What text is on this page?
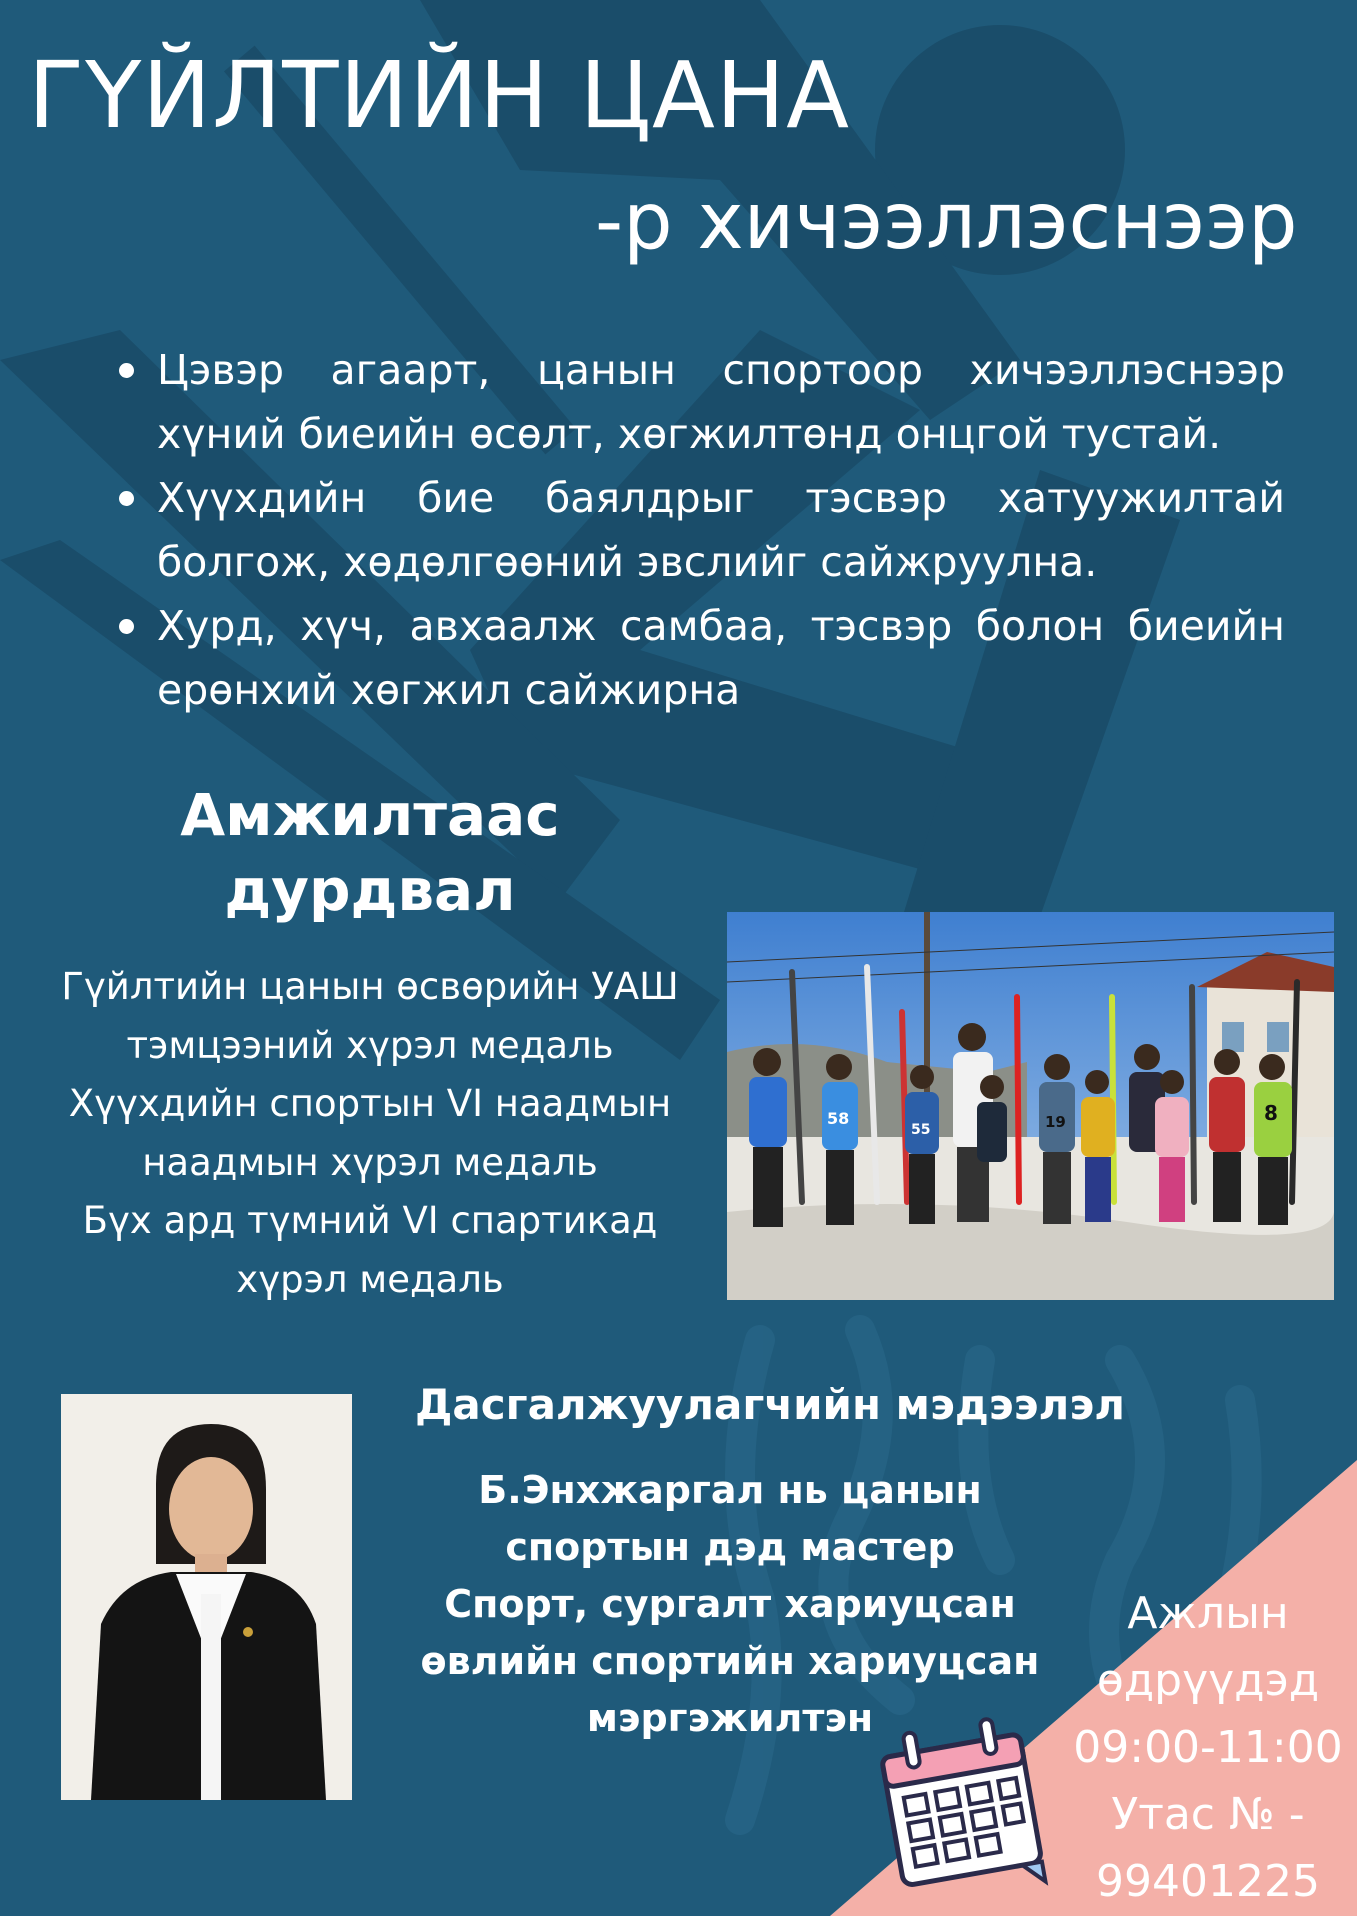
ГҮЙЛТИЙН ЦАНА
-р хичээллэснээр
Цэвэр агаарт, цанын спортоор хичээллэснээр хүний биеийн өсөлт, хөгжилтөнд онцгой тустай.
Хүүхдийн бие баялдрыг тэсвэр хатуужилтай болгож, хөдөлгөөний эвслийг сайжруулна.
Хурд, хүч, авхаалж самбаа, тэсвэр болон биеийн ерөнхий хөгжил сайжирна
Амжилтаас
дурдвал
Гүйлтийн цанын өсвөрийн УАШ
тэмцээний хүрэл медаль
Хүүхдийн спортын VI наадмын
наадмын хүрэл медаль
Бүх ард түмний VI спартикад
хүрэл медаль
58
55	19	8
Дасгалжуулагчийн мэдээлэл
Б.Энхжаргал нь цанын
спортын дэд мастер
Спорт, сургалт хариуцсан
өвлийн спортийн хариуцсан
мэргэжилтэн
Ажлын
өдрүүдэд
09:00-11:00
Утас № -
99401225
